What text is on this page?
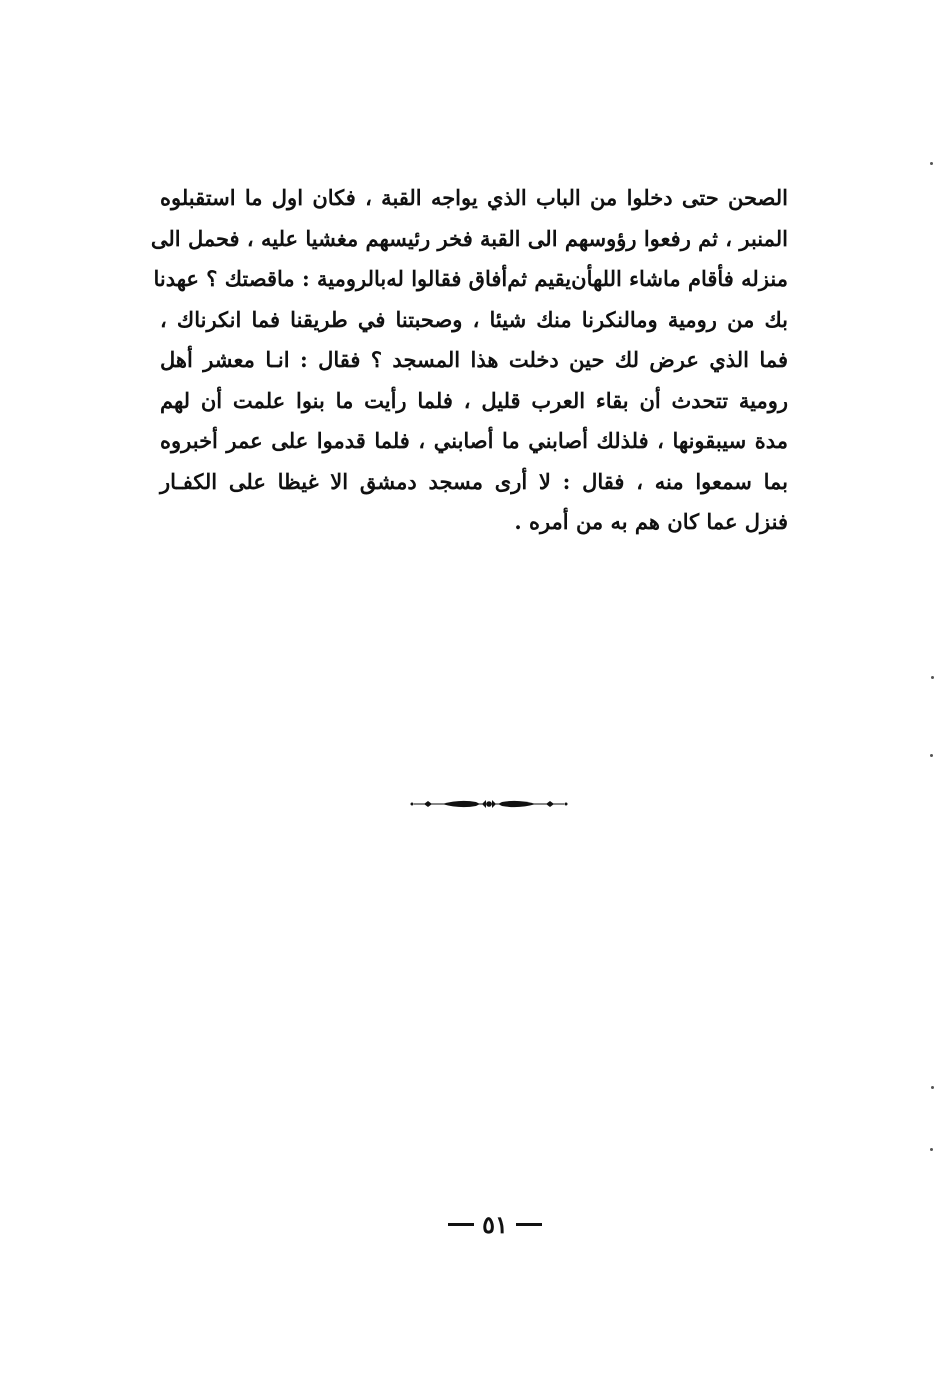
الصحن حتى دخلوا من الباب الذي يواجه القبة ، فكان اول ما استقبلوه
المنبر ، ثم رفعوا رؤوسهم الى القبة فخر رئيسهم مغشيا عليه ، فحمل الى
منزله فأقام ماشاء اللهأن‌يقيم ثم‌أفاق فقالوا له‌بالرومية : ماقصتك ؟ عهدنا
بك من رومية ومالنكرنا منك شيئا ، وصحبتنا في طريقنا فما انكرناك ،
فما الذي عرض لك حين دخلت هذا المسجد ؟ فقال : انـا معشر أهل
رومية تتحدث أن بقاء العرب قليل ، فلما رأيت ما بنوا علمت أن لهم
مدة سيبقونها ، فلذلك أصابني ما أصابني ، فلما قدموا على عمر أخبروه
بما سمعوا منه ، فقال : لا أرى مسجد دمشق الا غيظا على الكفـار
فنزل عما كان هم به من أمره .
٥١
